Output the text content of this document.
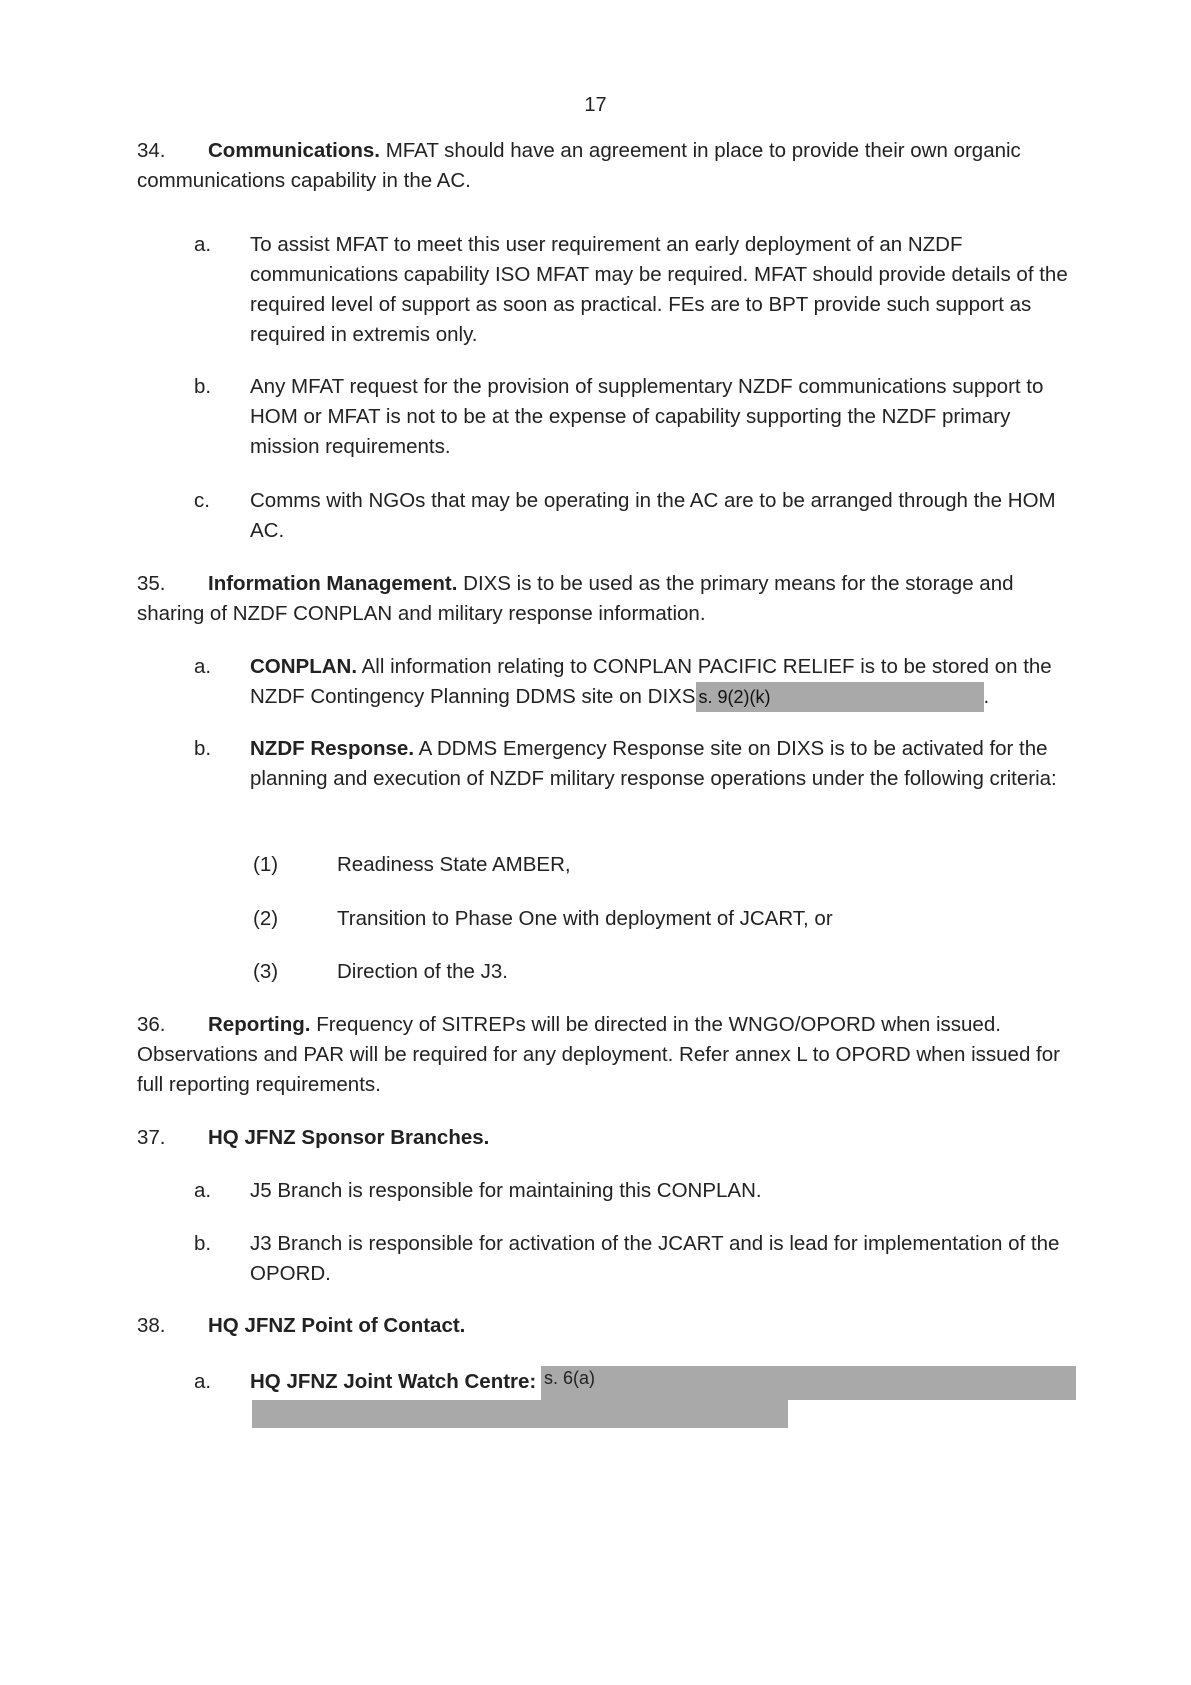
17
34. Communications. MFAT should have an agreement in place to provide their own organic communications capability in the AC.
a. To assist MFAT to meet this user requirement an early deployment of an NZDF communications capability ISO MFAT may be required. MFAT should provide details of the required level of support as soon as practical. FEs are to BPT provide such support as required in extremis only.
b. Any MFAT request for the provision of supplementary NZDF communications support to HOM or MFAT is not to be at the expense of capability supporting the NZDF primary mission requirements.
c. Comms with NGOs that may be operating in the AC are to be arranged through the HOM AC.
35. Information Management. DIXS is to be used as the primary means for the storage and sharing of NZDF CONPLAN and military response information.
a. CONPLAN. All information relating to CONPLAN PACIFIC RELIEF is to be stored on the NZDF Contingency Planning DDMS site on DIXS s. 9(2)(k)	.
b. NZDF Response. A DDMS Emergency Response site on DIXS is to be activated for the planning and execution of NZDF military response operations under the following criteria:
(1)	Readiness State AMBER,
(2)	Transition to Phase One with deployment of JCART, or
(3)	Direction of the J3.
36. Reporting. Frequency of SITREPs will be directed in the WNGO/OPORD when issued. Observations and PAR will be required for any deployment. Refer annex L to OPORD when issued for full reporting requirements.
37. HQ JFNZ Sponsor Branches.
a. J5 Branch is responsible for maintaining this CONPLAN.
b. J3 Branch is responsible for activation of the JCART and is lead for implementation of the OPORD.
38. HQ JFNZ Point of Contact.
a. HQ JFNZ Joint Watch Centre: s. 6(a)
